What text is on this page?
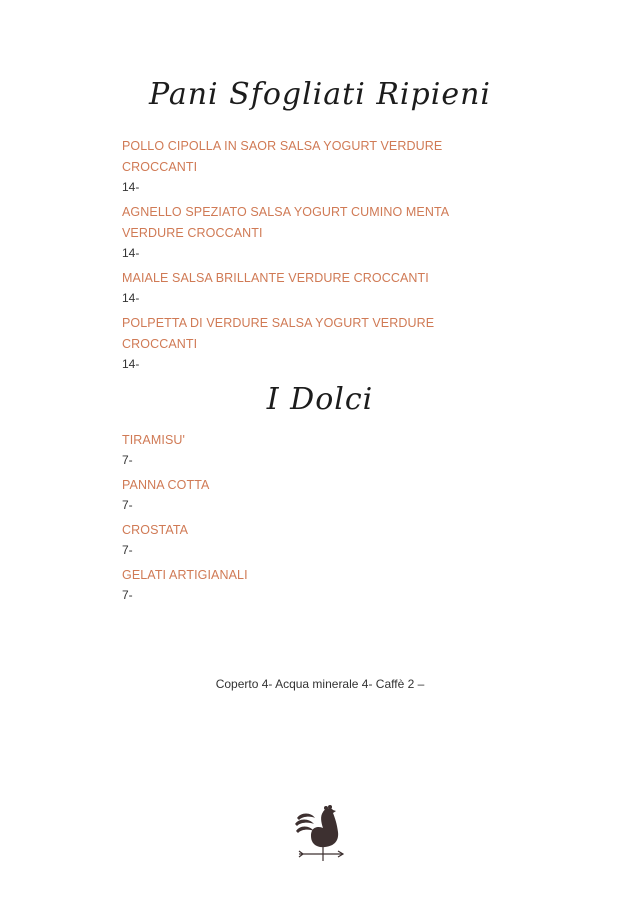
Pani Sfogliati Ripieni
POLLO CIPOLLA IN SAOR SALSA YOGURT VERDURE CROCCANTI
14-
AGNELLO SPEZIATO SALSA YOGURT CUMINO MENTA VERDURE CROCCANTI
14-
MAIALE SALSA BRILLANTE VERDURE CROCCANTI
14-
POLPETTA DI VERDURE SALSA YOGURT VERDURE CROCCANTI
14-
I Dolci
TIRAMISU'
7-
PANNA COTTA
7-
CROSTATA
7-
GELATI ARTIGIANALI
7-
Coperto 4- Acqua minerale 4- Caffè 2 –
